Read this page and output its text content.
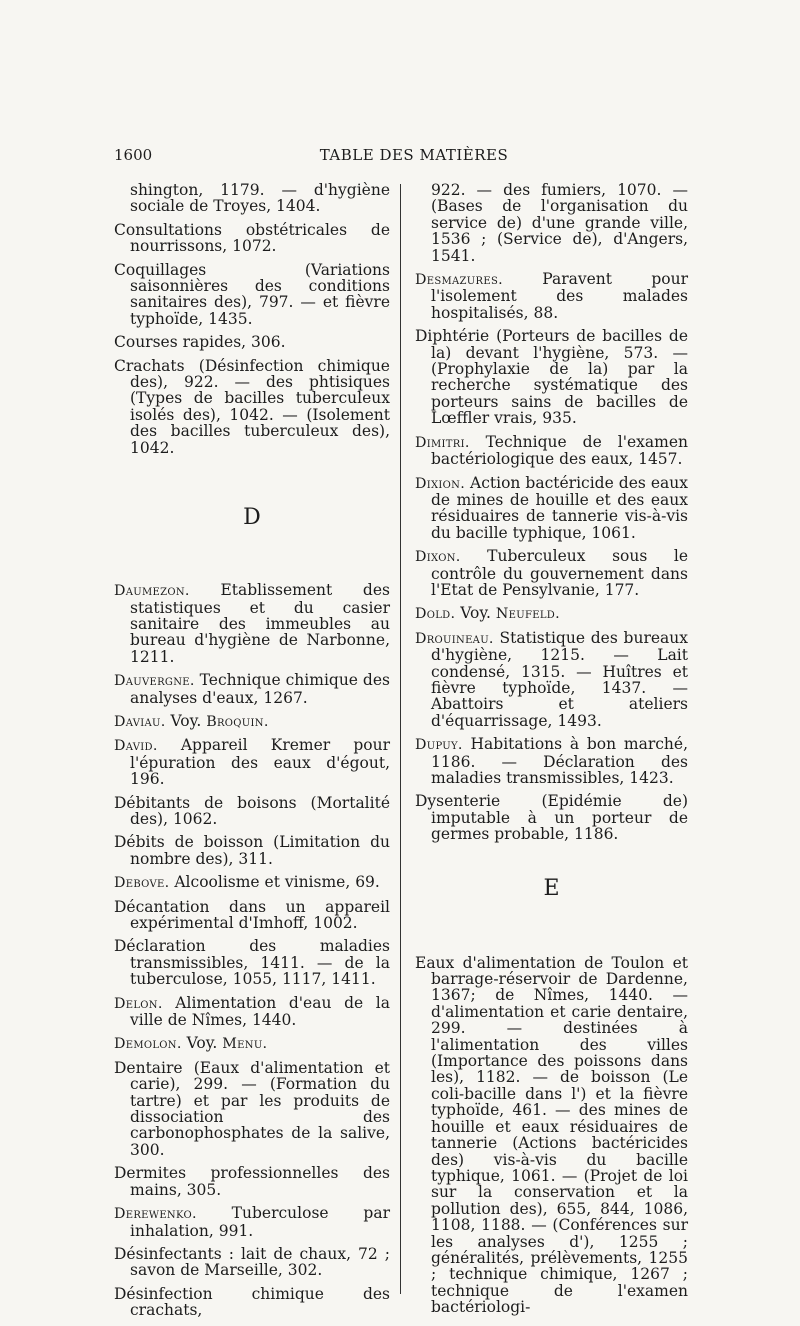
1600	TABLE DES MATIÈRES

shington, 1179. — d'hygiène sociale de Troyes, 1404.

Consultations obstétricales de nourrissons, 1072.

Coquillages (Variations saisonnières des conditions sanitaires des), 797. — et fièvre typhoïde, 1435.

Courses rapides, 306.

Crachats (Désinfection chimique des), 922. — des phtisiques (Types de bacilles tuberculeux isolés des), 1042. — (Isolement des bacilles tuberculeux des), 1042.

D

Daumezon. Etablissement des statistiques et du casier sanitaire des immeubles au bureau d'hygiène de Narbonne, 1211.

Dauvergne. Technique chimique des analyses d'eaux, 1267.

Daviau. Voy. Broquin.

David. Appareil Kremer pour l'épuration des eaux d'égout, 196.

Débitants de boisons (Mortalité des), 1062.

Débits de boisson (Limitation du nombre des), 311.

Debove. Alcoolisme et vinisme, 69.

Décantation dans un appareil expérimental d'Imhoff, 1002.

Déclaration des maladies transmissibles, 1411. — de la tuberculose, 1055, 1117, 1411.

Delon. Alimentation d'eau de la ville de Nîmes, 1440.

Demolon. Voy. Menu.

Dentaire (Eaux d'alimentation et carie), 299. — (Formation du tartre) et par les produits de dissociation des carbonophosphates de la salive, 300.

Dermites professionnelles des mains, 305.

Derewenko. Tuberculose par inhalation, 991.

Désinfectants : lait de chaux, 72 ; savon de Marseille, 302.

Désinfection chimique des crachats,

922. — des fumiers, 1070. — (Bases de l'organisation du service de) d'une grande ville, 1536 ; (Service de), d'Angers, 1541.

Desmazures. Paravent pour l'isolement des malades hospitalisés, 88.

Diphtérie (Porteurs de bacilles de la) devant l'hygiène, 573. — (Prophylaxie de la) par la recherche systématique des porteurs sains de bacilles de Lœffler vrais, 935.

Dimitri. Technique de l'examen bactériologique des eaux, 1457.

Dixion. Action bactéricide des eaux de mines de houille et des eaux résiduaires de tannerie vis-à-vis du bacille typhique, 1061.

Dixon. Tuberculeux sous le contrôle du gouvernement dans l'Etat de Pensylvanie, 177.

Dold. Voy. Neufeld.

Drouineau. Statistique des bureaux d'hygiène, 1215. — Lait condensé, 1315. — Huîtres et fièvre typhoïde, 1437. — Abattoirs et ateliers d'équarrissage, 1493.

Dupuy. Habitations à bon marché, 1186. — Déclaration des maladies transmissibles, 1423.

Dysenterie (Epidémie de) imputable à un porteur de germes probable, 1186.

E

Eaux d'alimentation de Toulon et barrage-réservoir de Dardenne, 1367; de Nîmes, 1440. — d'alimentation et carie dentaire, 299. — destinées à l'alimentation des villes (Importance des poissons dans les), 1182. — de boisson (Le coli-bacille dans l') et la fièvre typhoïde, 461. — des mines de houille et eaux résiduaires de tannerie (Actions bactéricides des) vis-à-vis du bacille typhique, 1061. — (Projet de loi sur la conservation et la pollution des), 655, 844, 1086, 1108, 1188. — (Conférences sur les analyses d'), 1255 ; généralités, prélèvements, 1255 ; technique chimique, 1267 ; technique de l'examen bactériologi-
